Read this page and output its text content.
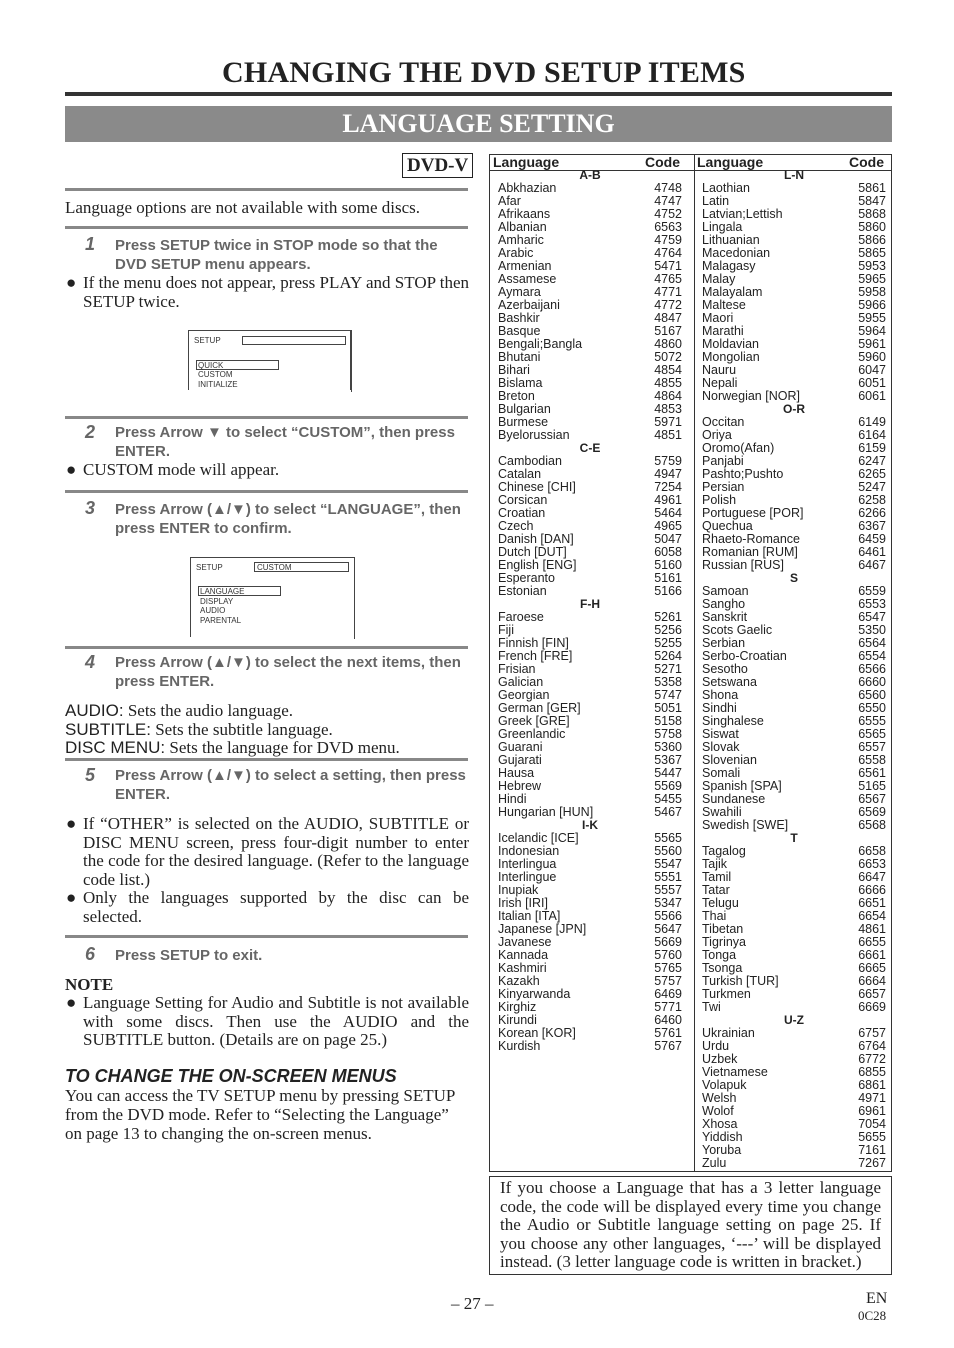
CHANGING THE DVD SETUP ITEMS
LANGUAGE SETTING
DVD-V
Language options are not available with some discs.
1 Press SETUP twice in STOP mode so that the DVD SETUP menu appears.
● If the menu does not appear, press PLAY and STOP then SETUP twice.
SETUP
QUICK
CUSTOM
INITIALIZE
2 Press Arrow ▼ to select “CUSTOM”, then press ENTER.
● CUSTOM mode will appear.
3 Press Arrow (▲/▼) to select “LANGUAGE”, then press ENTER to confirm.
SETUP	CUSTOM
LANGUAGE
DISPLAY
AUDIO
PARENTAL
4 Press Arrow (▲/▼) to select the next items, then press ENTER.
AUDIO: Sets the audio language.
SUBTITLE: Sets the subtitle language.
DISC MENU: Sets the language for DVD menu.
5 Press Arrow (▲/▼) to select a setting, then press ENTER.
● If “OTHER” is selected on the AUDIO, SUBTITLE or DISC MENU screen, press four-digit number to enter the code for the desired language. (Refer to the language code list.)
● Only the languages supported by the disc can be selected.
6 Press SETUP to exit.
NOTE
● Language Setting for Audio and Subtitle is not available with some discs. Then use the AUDIO and the SUBTITLE button. (Details are on page 25.)
TO CHANGE THE ON-SCREEN MENUS
You can access the TV SETUP menu by pressing SETUP from the DVD mode. Refer to “Selecting the Language” on page 13 to changing the on-screen menus.
Language	Code Language	Code
A-B
Abkhazian	4748
Afar	4747
Afrikaans	4752
Albanian	6563
Amharic	4759
Arabic	4764
Armenian	5471
Assamese	4765
Aymara	4771
Azerbaijani	4772
Bashkir	4847
Basque	5167
Bengali;Bangla	4860
Bhutani	5072
Bihari	4854
Bislama	4855
Breton	4864
Bulgarian	4853
Burmese	5971
Byelorussian	4851
C-E
Cambodian	5759
Catalan	4947
Chinese [CHI]	7254
Corsican	4961
Croatian	5464
Czech	4965
Danish [DAN]	5047
Dutch [DUT]	6058
English [ENG]	5160
Esperanto	5161
Estonian	5166
F-H
Faroese	5261
Fiji	5256
Finnish [FIN]	5255
French [FRE]	5264
Frisian	5271
Galician	5358
Georgian	5747
German [GER]	5051
Greek [GRE]	5158
Greenlandic	5758
Guarani	5360
Gujarati	5367
Hausa	5447
Hebrew	5569
Hindi	5455
Hungarian [HUN]	5467
I-K
Icelandic [ICE]	5565
Indonesian	5560
Interlingua	5547
Interlingue	5551
Inupiak	5557
Irish [IRI]	5347
Italian [ITA]	5566
Japanese [JPN]	5647
Javanese	5669
Kannada	5760
Kashmiri	5765
Kazakh	5757
Kinyarwanda	6469
Kirghiz	5771
Kirundi	6460
Korean [KOR]	5761
Kurdish	5767
L-N
Laothian	5861
Latin	5847
Latvian;Lettish	5868
Lingala	5860
Lithuanian	5866
Macedonian	5865
Malagasy	5953
Malay	5965
Malayalam	5958
Maltese	5966
Maori	5955
Marathi	5964
Moldavian	5961
Mongolian	5960
Nauru	6047
Nepali	6051
Norwegian [NOR]	6061
O-R
Occitan	6149
Oriya	6164
Oromo(Afan)	6159
Panjabi	6247
Pashto;Pushto	6265
Persian	5247
Polish	6258
Portuguese [POR]	6266
Quechua	6367
Rhaeto-Romance	6459
Romanian [RUM]	6461
Russian [RUS]	6467
S
Samoan	6559
Sangho	6553
Sanskrit	6547
Scots Gaelic	5350
Serbian	6564
Serbo-Croatian	6554
Sesotho	6566
Setswana	6660
Shona	6560
Sindhi	6550
Singhalese	6555
Siswat	6565
Slovak	6557
Slovenian	6558
Somali	6561
Spanish [SPA]	5165
Sundanese	6567
Swahili	6569
Swedish [SWE]	6568
T
Tagalog	6658
Tajik	6653
Tamil	6647
Tatar	6666
Telugu	6651
Thai	6654
Tibetan	4861
Tigrinya	6655
Tonga	6661
Tsonga	6665
Turkish [TUR]	6664
Turkmen	6657
Twi	6669
U-Z
Ukrainian	6757
Urdu	6764
Uzbek	6772
Vietnamese	6855
Volapuk	6861
Welsh	4971
Wolof	6961
Xhosa	7054
Yiddish	5655
Yoruba	7161
Zulu	7267
If you choose a Language that has a 3 letter language code, the code will be displayed every time you change the Audio or Subtitle language setting on page 25. If you choose any other languages, ‘---’ will be displayed instead. (3 letter language code is written in bracket.)
– 27 –	EN
0C28
